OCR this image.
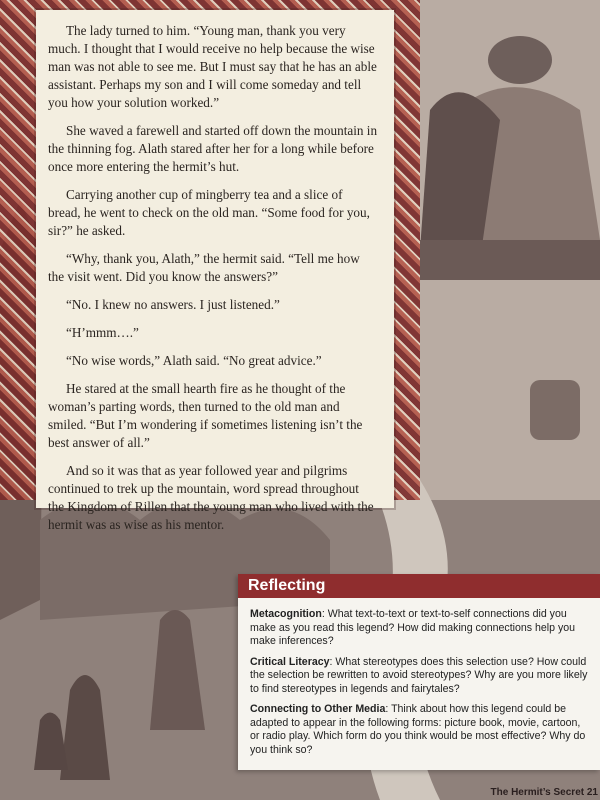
The lady turned to him. “Young man, thank you very much. I thought that I would receive no help because the wise man was not able to see me. But I must say that he has an able assistant. Perhaps my son and I will come someday and tell you how your solution worked.”

She waved a farewell and started off down the mountain in the thinning fog. Alath stared after her for a long while before once more entering the hermit’s hut.

Carrying another cup of mingberry tea and a slice of bread, he went to check on the old man. “Some food for you, sir?” he asked.

“Why, thank you, Alath,” the hermit said. “Tell me how the visit went. Did you know the answers?”

“No. I knew no answers. I just listened.”

“H’mmm….”

“No wise words,” Alath said. “No great advice.”

He stared at the small hearth fire as he thought of the woman’s parting words, then turned to the old man and smiled. “But I’m wondering if sometimes listening isn’t the best answer of all.”

And so it was that as year followed year and pilgrims continued to trek up the mountain, word spread throughout the Kingdom of Rillen that the young man who lived with the hermit was as wise as his mentor.

Reflecting
Metacognition: What text-to-text or text-to-self connections did you make as you read this legend? How did making connections help you make inferences?
Critical Literacy: What stereotypes does this selection use? How could the selection be rewritten to avoid stereotypes? Why are you more likely to find stereotypes in legends and fairytales?
Connecting to Other Media: Think about how this legend could be adapted to appear in the following forms: picture book, movie, cartoon, or radio play. Which form do you think would be most effective? Why do you think so?
The Hermit’s Secret 21
